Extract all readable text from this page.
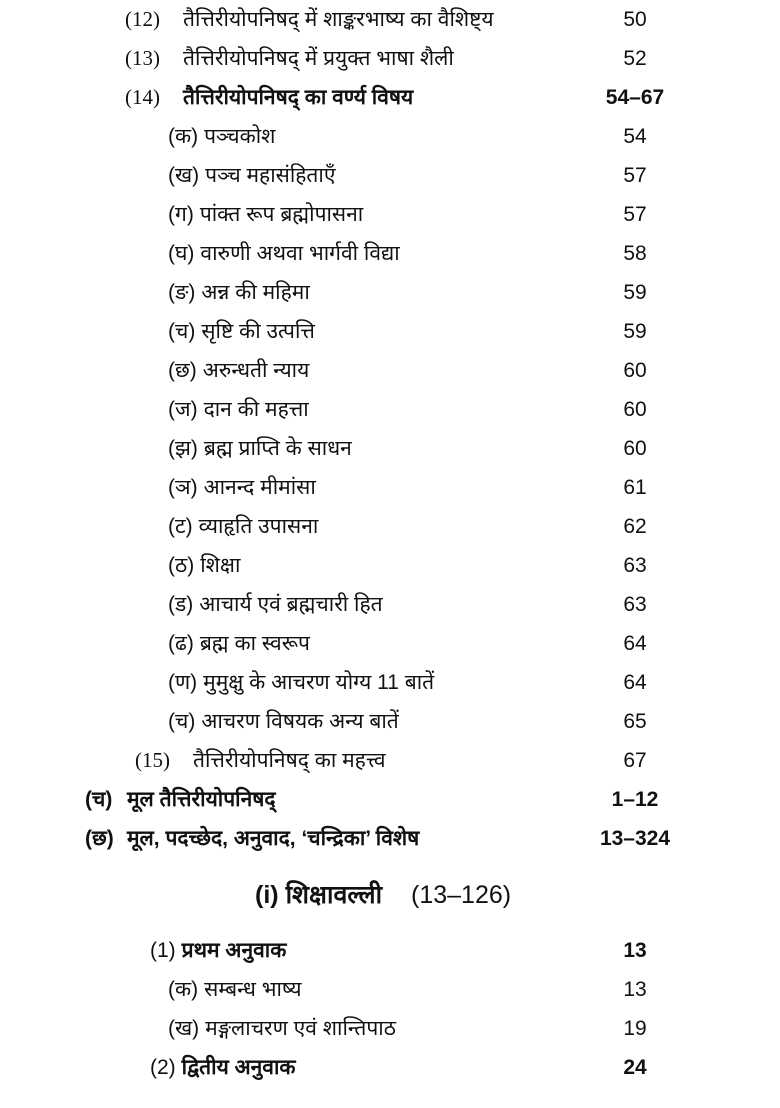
(12) तैत्तिरीयोपनिषद् में शाङ्करभाष्य का वैशिष्ट्य	50
(13) तैत्तिरीयोपनिषद् में प्रयुक्त भाषा शैली	52
(14) तैत्तिरीयोपनिषद् का वर्ण्य विषय	54–67
(क) पञ्चकोश	54
(ख) पञ्च महासंहिताएँ	57
(ग) पांक्त रूप ब्रह्मोपासना	57
(घ) वारुणी अथवा भार्गवी विद्या	58
(ङ) अन्न की महिमा	59
(च) सृष्टि की उत्पत्ति	59
(छ) अरुन्धती न्याय	60
(ज) दान की महत्ता	60
(झ) ब्रह्म प्राप्ति के साधन	60
(ञ) आनन्द मीमांसा	61
(ट) व्याहृति उपासना	62
(ठ) शिक्षा	63
(ड) आचार्य एवं ब्रह्मचारी हित	63
(ढ) ब्रह्म का स्वरूप	64
(ण) मुमुक्षु के आचरण योग्य 11 बातें	64
(च) आचरण विषयक अन्य बातें	65
(15) तैत्तिरीयोपनिषद् का महत्त्व	67
(च) मूल तैत्तिरीयोपनिषद्	1–12
(छ) मूल, पदच्छेद, अनुवाद, ‘चन्द्रिका’ विशेष	13–324
(i) शिक्षावल्ली (13–126)
(1) प्रथम अनुवाक	13
(क) सम्बन्ध भाष्य	13
(ख) मङ्गलाचरण एवं शान्तिपाठ	19
(2) द्वितीय अनुवाक	24
